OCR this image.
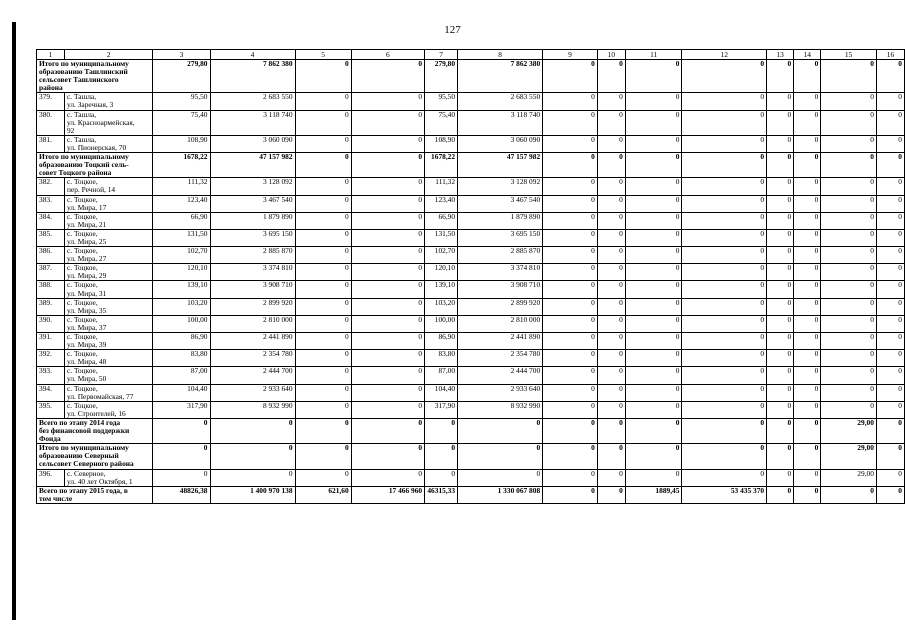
127
1	2	3	4	5	6	7	8	9	10	11	12	13	14	15	16

Итого по муниципальному
образованию Ташлинский
сельсовет Ташлинского
района		279,80	7 862 380	0	0	279,80	7 862 380	0	0	0	0	0	0	0	0
379.	с. Ташла,
ул. Заречная, 3	95,50	2 683 550	0	0	95,50	2 683 550	0	0	0	0	0	0	0	0
380.	с. Ташла,
ул. Красноармейская,
92	75,40	3 118 740	0	0	75,40	3 118 740	0	0	0	0	0	0	0	0
381.	с. Ташла,
ул. Пионерская, 70	108,90	3 060 090	0	0	108,90	3 060 090	0	0	0	0	0	0	0	0

Итого по муниципальному
образованию Тоцкий сель-
совет Тоцкого района		1678,22	47 157 982	0	0	1678,22	47 157 982	0	0	0	0	0	0	0	0
382.	с. Тоцкое,
пер. Речной, 14	111,32	3 128 092	0	0	111,32	3 128 092	0	0	0	0	0	0	0	0
383.	с. Тоцкое,
ул. Мира, 17	123,40	3 467 540	0	0	123,40	3 467 540	0	0	0	0	0	0	0	0
384.	с. Тоцкое,
ул. Мира, 21	66,90	1 879 890	0	0	66,90	1 879 890	0	0	0	0	0	0	0	0
385.	с. Тоцкое,
ул. Мира, 25	131,50	3 695 150	0	0	131,50	3 695 150	0	0	0	0	0	0	0	0
386.	с. Тоцкое,
ул. Мира, 27	102,70	2 885 870	0	0	102,70	2 885 870	0	0	0	0	0	0	0	0
387.	с. Тоцкое,
ул. Мира, 29	120,10	3 374 810	0	0	120,10	3 374 810	0	0	0	0	0	0	0	0
388.	с. Тоцкое,
ул. Мира, 31	139,10	3 908 710	0	0	139,10	3 908 710	0	0	0	0	0	0	0	0
389.	с. Тоцкое,
ул. Мира, 35	103,20	2 899 920	0	0	103,20	2 899 920	0	0	0	0	0	0	0	0
390.	с. Тоцкое,
ул. Мира, 37	100,00	2 810 000	0	0	100,00	2 810 000	0	0	0	0	0	0	0	0
391.	с. Тоцкое,
ул. Мира, 39	86,90	2 441 890	0	0	86,90	2 441 890	0	0	0	0	0	0	0	0
392.	с. Тоцкое,
ул. Мира, 48	83,80	2 354 780	0	0	83,80	2 354 780	0	0	0	0	0	0	0	0
393.	с. Тоцкое,
ул. Мира, 50	87,00	2 444 700	0	0	87,00	2 444 700	0	0	0	0	0	0	0	0
394.	с. Тоцкое,
ул. Первомайская, 77	104,40	2 933 640	0	0	104,40	2 933 640	0	0	0	0	0	0	0	0
395.	с. Тоцкое,
ул. Строителей, 16	317,90	8 932 990	0	0	317,90	8 932 990	0	0	0	0	0	0	0	0

Всего по этапу 2014 года
без финансовой поддержки
Фонда		0	0	0	0	0	0	0	0	0	0	0	0	29,00	0

Итого по муниципальному
образованию Северный
сельсовет Северного района		0	0	0	0	0	0	0	0	0	0	0	0	29,00	0
396.	с. Северное,
ул. 40 лет Октября, 1	0	0	0	0	0	0	0	0	0	0	0	0	29,00	0

Всего по этапу 2015 года, в
том числе		48826,38	1 400 970 138	621,60	17 466 960	46315,33	1 330 067 808	0	0	1889,45	53 435 370	0	0	0	0
